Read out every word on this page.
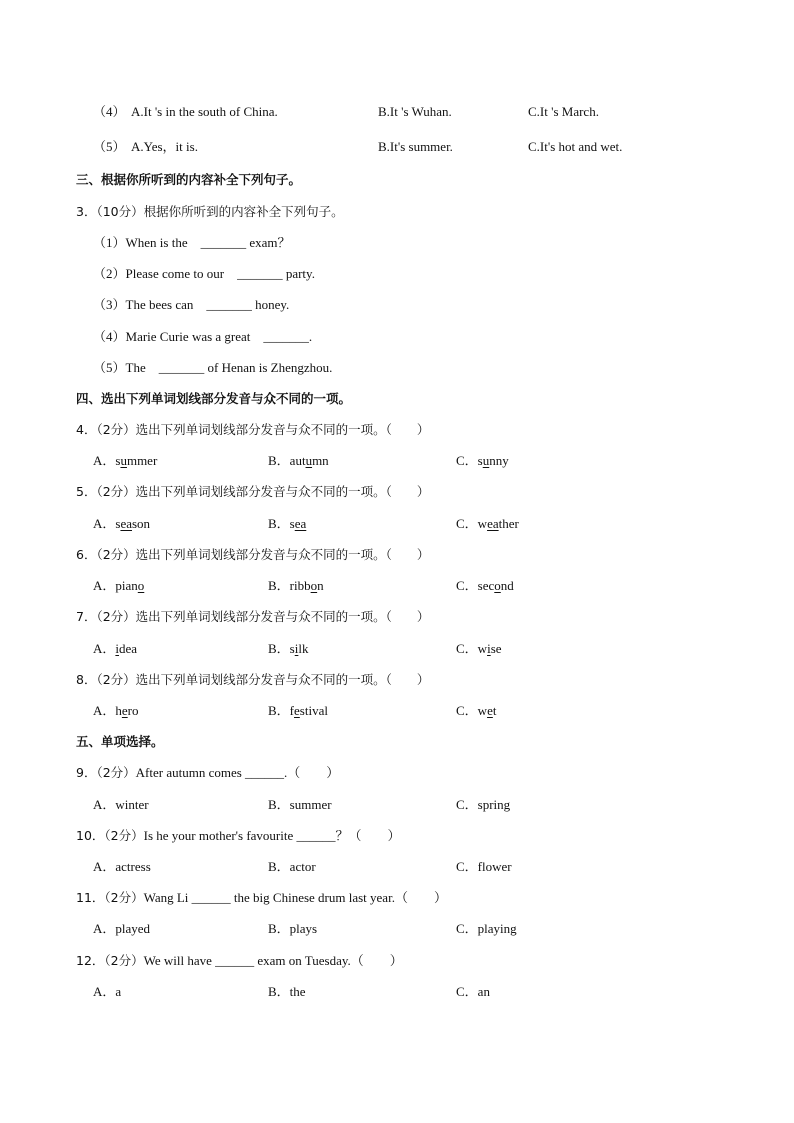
（4） A.It 's in the south of China.	B.It 's Wuhan.	C.It 's March.
（5） A.Yes，it is.	B.It's summer.	C.It's hot and wet.
三、根据你所听到的内容补全下列句子。
3．（10分）根据你所听到的内容补全下列句子。
（1）When is the    _______ exam？
（2）Please come to our    _______ party.
（3）The bees can    _______ honey.
（4）Marie Curie was a great    _______.
（5）The    _______ of Henan is Zhengzhou.
四、选出下列单词划线部分发音与众不同的一项。
4．（2分）选出下列单词划线部分发音与众不同的一项。（　　）
A．summer	B．autumn	C．sunny
5．（2分）选出下列单词划线部分发音与众不同的一项。（　　）
A．season	B．sea	C．weather
6．（2分）选出下列单词划线部分发音与众不同的一项。（　　）
A．piano	B．ribbon	C．second
7．（2分）选出下列单词划线部分发音与众不同的一项。（　　）
A．idea	B．silk	C．wise
8．（2分）选出下列单词划线部分发音与众不同的一项。（　　）
A．hero	B．festival	C．wet
五、单项选择。
9．（2分）After autumn comes ______.（　　）
A．winter	B．summer	C．spring
10．（2分）Is he your mother's favourite ______？（　　）
A．actress	B．actor	C．flower
11．（2分）Wang Li ______ the big Chinese drum last year.（　　）
A．played	B．plays	C．playing
12．（2分）We will have ______ exam on Tuesday.（　　）
A．a	B．the	C．an
